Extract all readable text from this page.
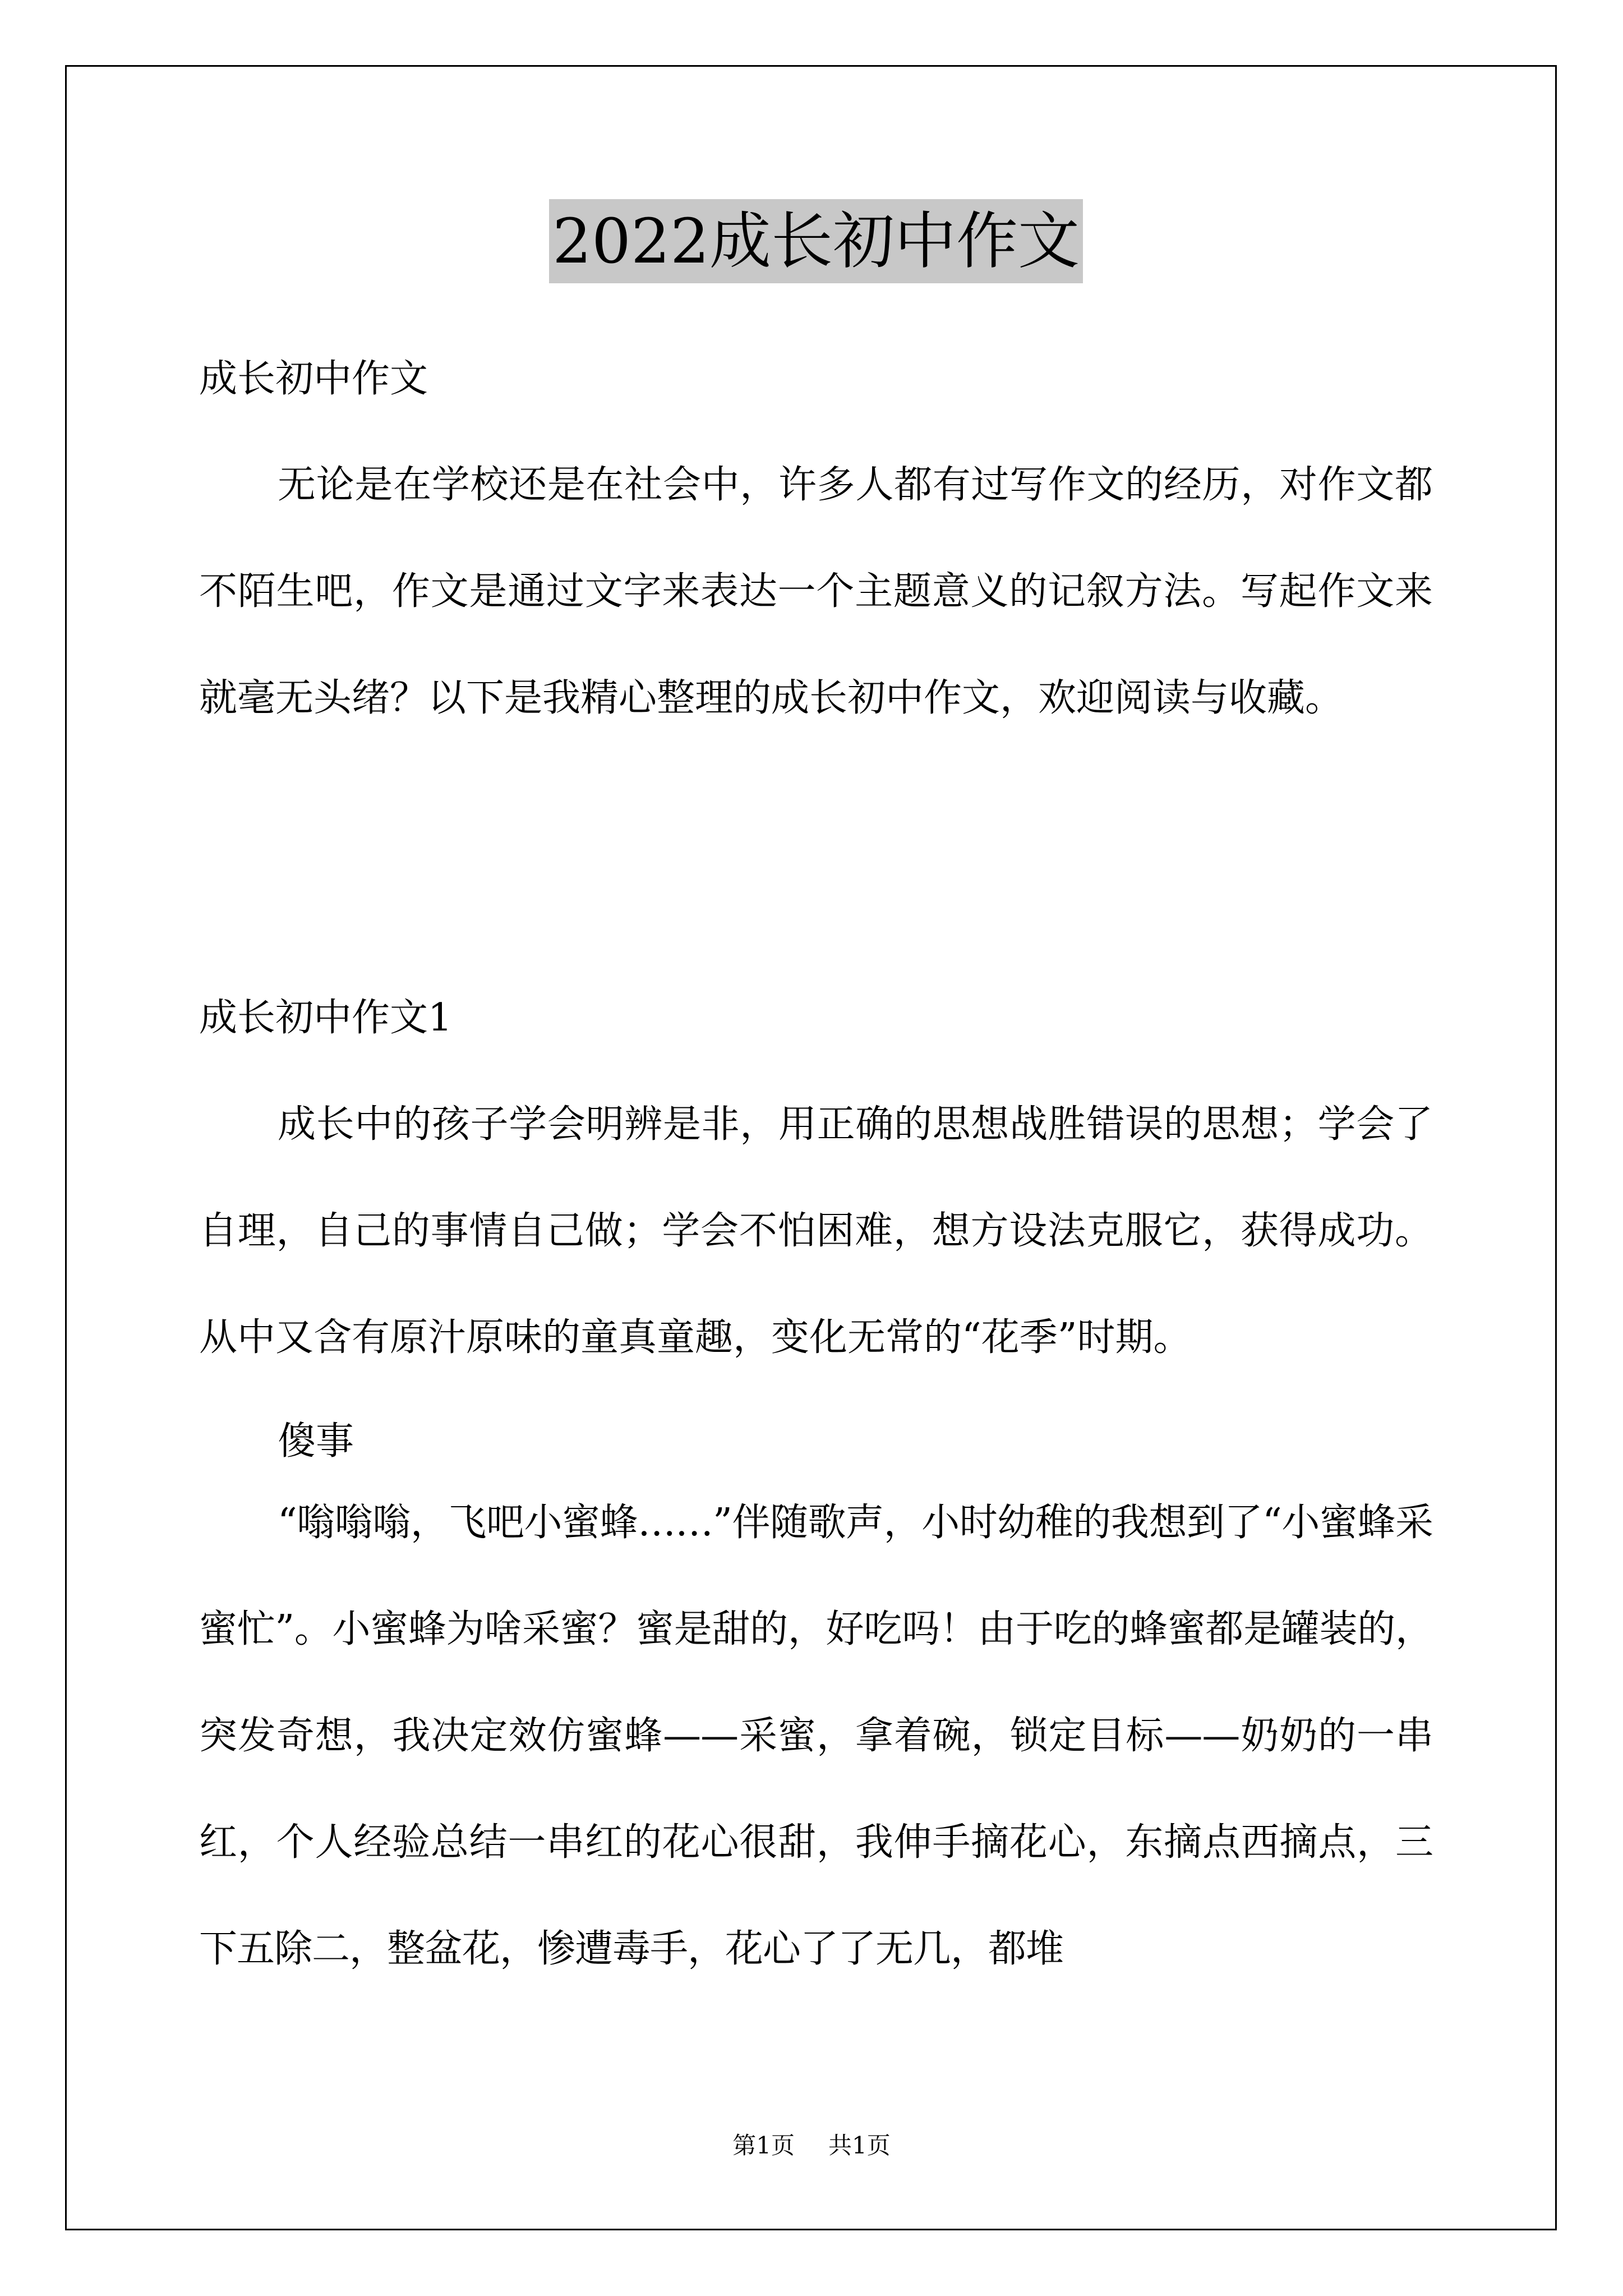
2022成长初中作文
成长初中作文

无论是在学校还是在社会中，许多人都有过写作文的经历，对作文都不陌生吧，作文是通过文字来表达一个主题意义的记叙方法。写起作文来就毫无头绪？以下是我精心整理的成长初中作文，欢迎阅读与收藏。

成长初中作文1

成长中的孩子学会明辨是非，用正确的思想战胜错误的思想；学会了自理，自己的事情自己做；学会不怕困难，想方设法克服它，获得成功。从中又含有原汁原味的童真童趣，变化无常的“花季”时期。

傻事

“嗡嗡嗡，飞吧小蜜蜂……”伴随歌声，小时幼稚的我想到了“小蜜蜂采蜜忙”。小蜜蜂为啥采蜜？蜜是甜的，好吃吗！由于吃的蜂蜜都是罐装的，突发奇想，我决定效仿蜜蜂——采蜜，拿着碗，锁定目标——奶奶的一串红，个人经验总结一串红的花心很甜，我伸手摘花心，东摘点西摘点，三下五除二，整盆花，惨遭毒手，花心了了无几，都堆

第1页 共1页
